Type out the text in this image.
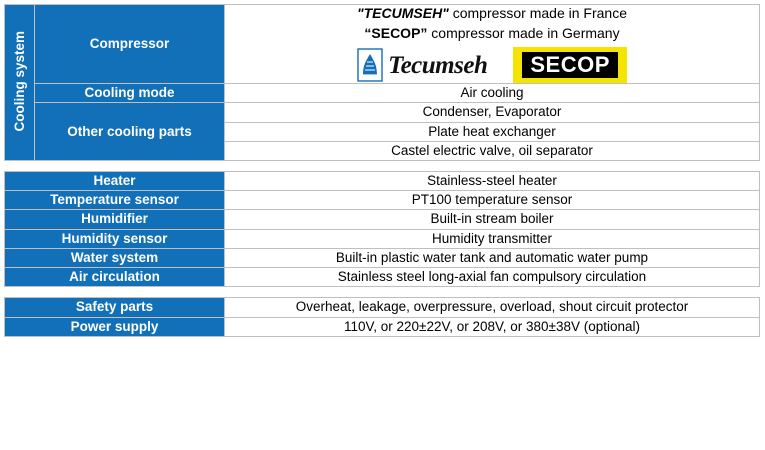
Cooling system	Compressor	"TECUMSEH" compressor made in France
“SECOP” compressor made in Germany
Tecumseh SECOP

	Cooling mode	Air cooling
	Other cooling parts	Condenser, Evaporator
		Plate heat exchanger
		Castel electric valve, oil separator
Heater	Stainless-steel heater
Temperature sensor	PT100 temperature sensor
Humidifier	Built-in stream boiler
Humidity sensor	Humidity transmitter
Water system	Built-in plastic water tank and automatic water pump
Air circulation	Stainless steel long-axial fan compulsory circulation
Safety parts	Overheat, leakage, overpressure, overload, shout circuit protector
Power supply	110V, or 220±22V, or 208V, or 380±38V (optional)
